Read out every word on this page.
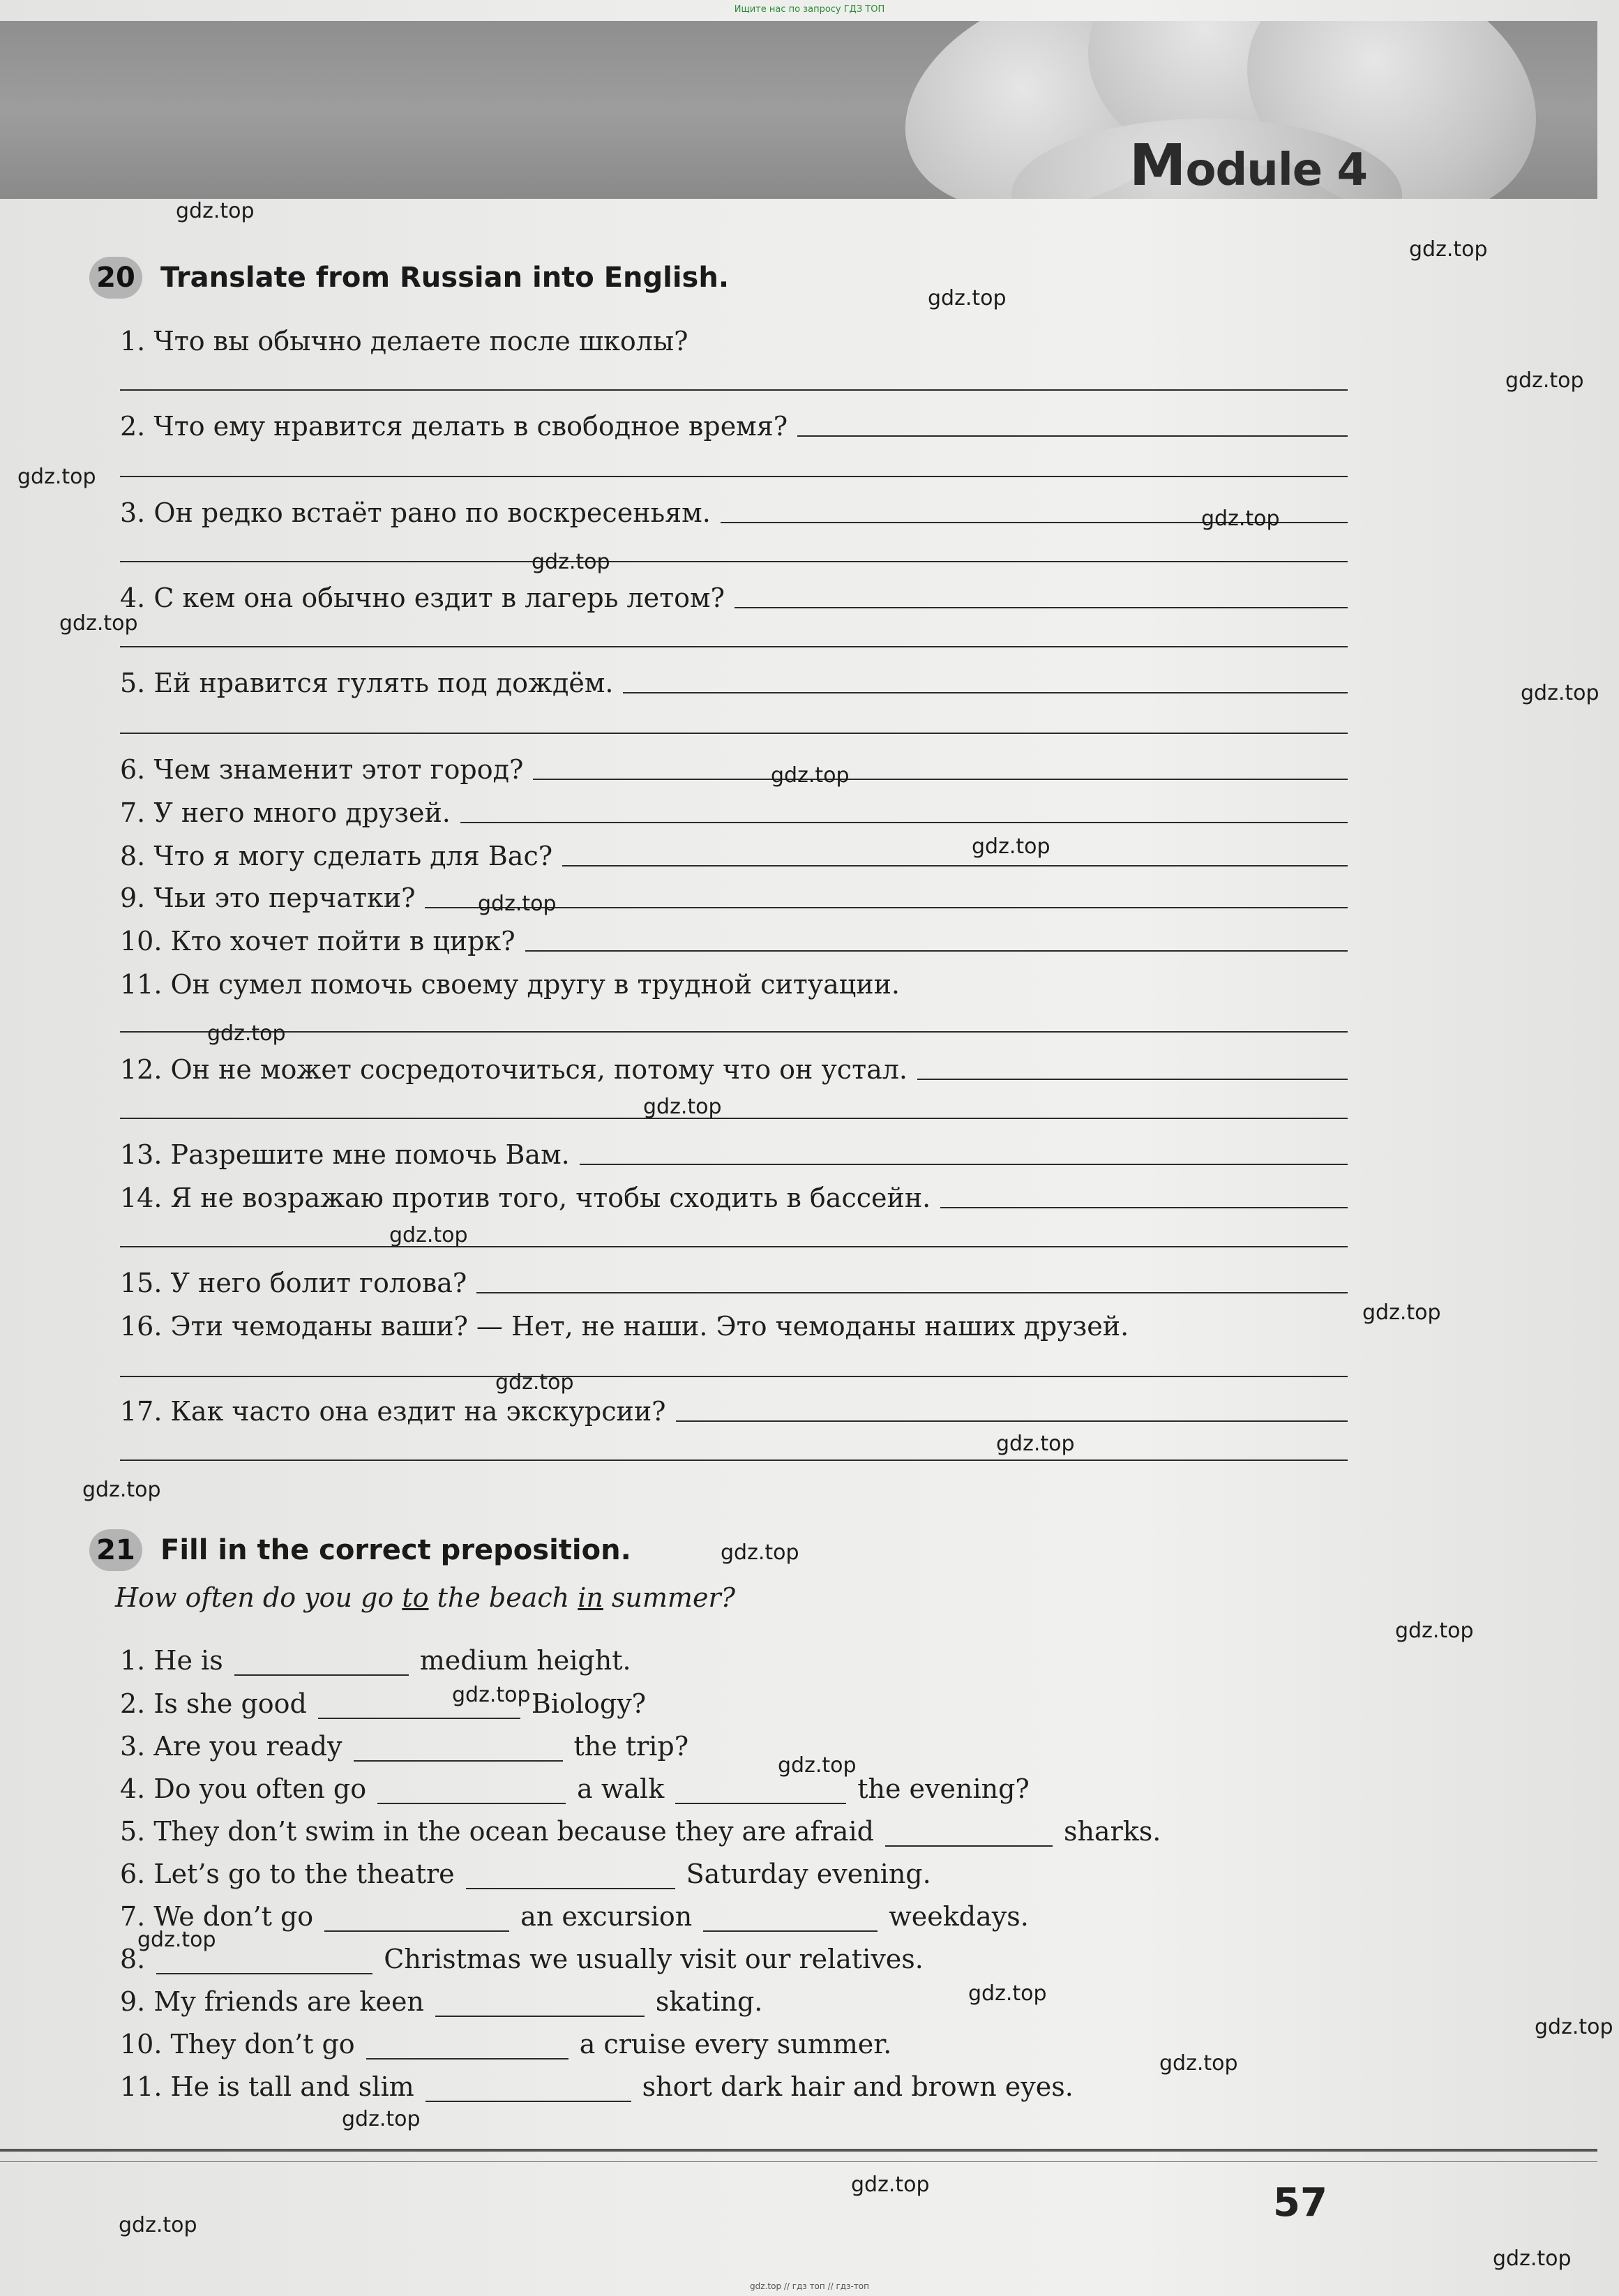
Ищите нас по запросу ГДЗ ТОП
Module 4
20 Translate from Russian into English.
1. Что вы обычно делаете после школы?
2. Что ему нравится делать в свободное время?
3. Он редко встаёт рано по воскресеньям.
4. С кем она обычно ездит в лагерь летом?
5. Ей нравится гулять под дождём.
6. Чем знаменит этот город?
7. У него много друзей.
8. Что я могу сделать для Вас?
9. Чьи это перчатки?
10. Кто хочет пойти в цирк?
11. Он сумел помочь своему другу в трудной ситуации.
12. Он не может сосредоточиться, потому что он устал.
13. Разрешите мне помочь Вам.
14. Я не возражаю против того, чтобы сходить в бассейн.
15. У него болит голова?
16. Эти чемоданы ваши? — Нет, не наши. Это чемоданы наших друзей.
17. Как часто она ездит на экскурсии?
21 Fill in the correct preposition.
How often do you go to the beach in summer?
1. He is	medium height.
2. Is she good	Biology?
3. Are you ready	the trip?
4. Do you often go	a walk	the evening?
5. They don’t swim in the ocean because they are afraid	sharks.
6. Let’s go to the theatre	Saturday evening.
7. We don’t go	an excursion	weekdays.
8.	Christmas we usually visit our relatives.
9. My friends are keen	skating.
10. They don’t go	a cruise every summer.
11. He is tall and slim	short dark hair and brown eyes.
57
gdz.top
gdz.top
gdz.top
gdz.top
gdz.top
gdz.top
gdz.top
gdz.top
gdz.top
gdz.top
gdz.top
gdz.top
gdz.top
gdz.top
gdz.top
gdz.top
gdz.top
gdz.top
gdz.top
gdz.top
gdz.top
gdz.top
gdz.top
gdz.top
gdz.top
gdz.top
gdz.top
gdz.top
gdz.top
gdz.top
gdz.top
gdz.top // гдз топ // гдз-топ
